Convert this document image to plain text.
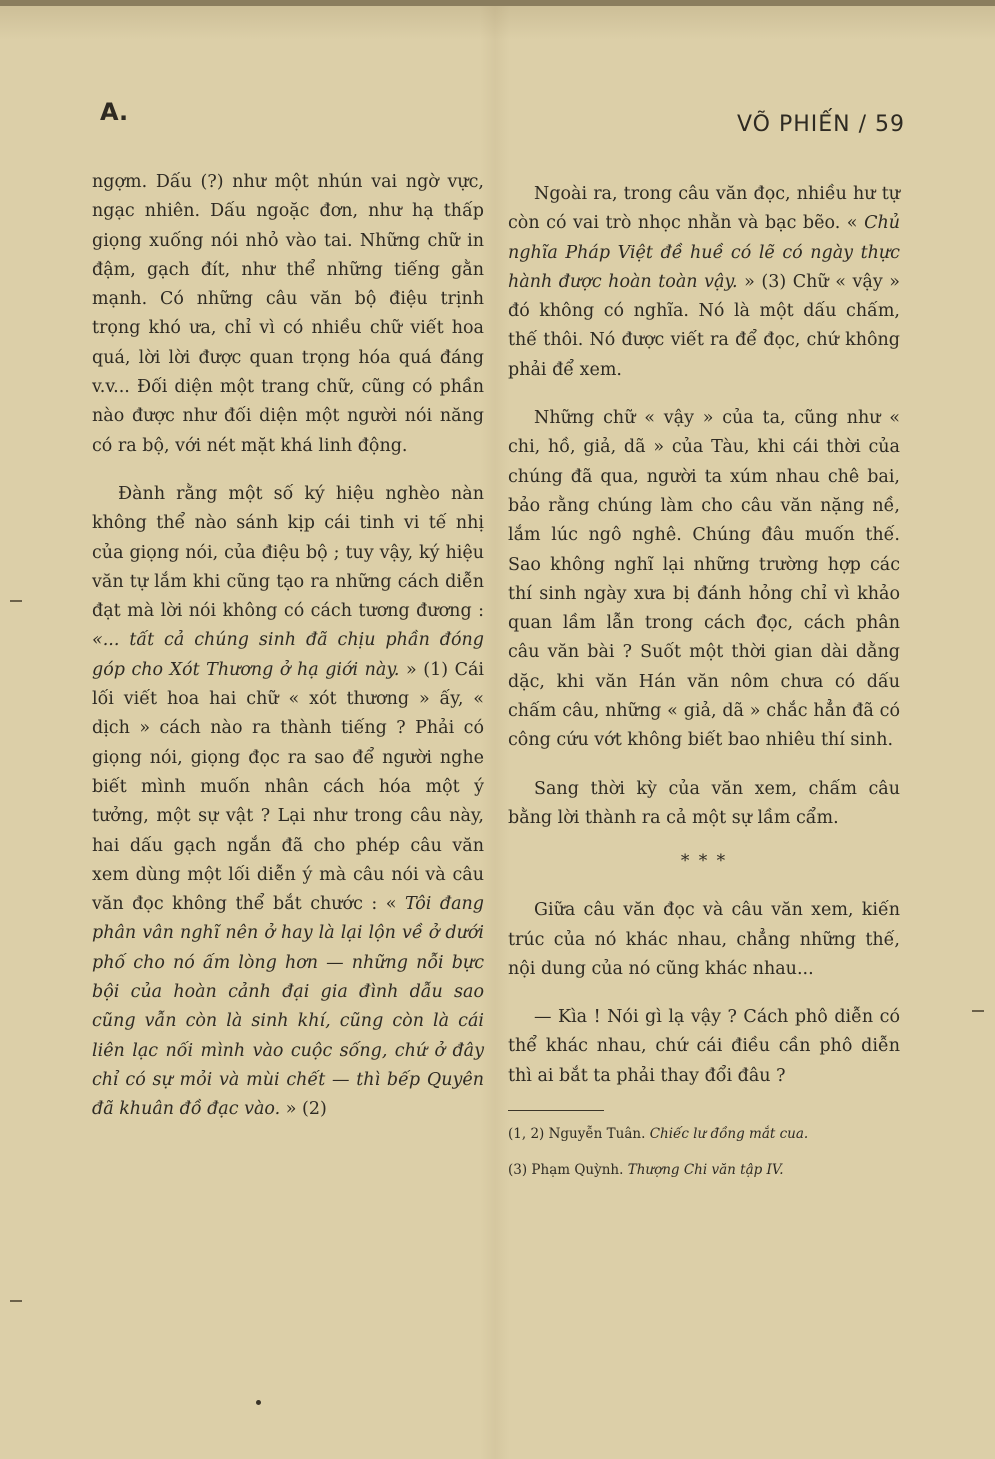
A.	VÕ PHIẾN / 59

ngợm. Dấu (?) như một nhún vai ngờ vực, ngạc nhiên. Dấu ngoặc đơn, như hạ thấp giọng xuống nói nhỏ vào tai. Những chữ in đậm, gạch đít, như thể những tiếng gằn mạnh. Có những câu văn bộ điệu trịnh trọng khó ưa, chỉ vì có nhiều chữ viết hoa quá, lời lời được quan trọng hóa quá đáng v.v... Đối diện một trang chữ, cũng có phần nào được như đối diện một người nói năng có ra bộ, với nét mặt khá linh động.

Đành rằng một số ký hiệu nghèo nàn không thể nào sánh kịp cái tinh vi tế nhị của giọng nói, của điệu bộ ; tuy vậy, ký hiệu văn tự lắm khi cũng tạo ra những cách diễn đạt mà lời nói không có cách tương đương : «... tất cả chúng sinh đã chịu phần đóng góp cho Xót Thương ở hạ giới này. » (1) Cái lối viết hoa hai chữ « xót thương » ấy, « dịch » cách nào ra thành tiếng ? Phải có giọng nói, giọng đọc ra sao để người nghe biết mình muốn nhân cách hóa một ý tưởng, một sự vật ? Lại như trong câu này, hai dấu gạch ngắn đã cho phép câu văn xem dùng một lối diễn ý mà câu nói và câu văn đọc không thể bắt chước : « Tôi đang phân vân nghĩ nên ở hay là lại lộn về ở dưới phố cho nó ấm lòng hơn — những nỗi bực bội của hoàn cảnh đại gia đình dẫu sao cũng vẫn còn là sinh khí, cũng còn là cái liên lạc nối mình vào cuộc sống, chứ ở đây chỉ có sự mỏi và mùi chết — thì bếp Quyên đã khuân đồ đạc vào. » (2)

Ngoài ra, trong câu văn đọc, nhiều hư tự còn có vai trò nhọc nhằn và bạc bẽo. « Chủ nghĩa Pháp Việt đề huề có lẽ có ngày thực hành được hoàn toàn vậy. » (3) Chữ « vậy » đó không có nghĩa. Nó là một dấu chấm, thế thôi. Nó được viết ra để đọc, chứ không phải để xem.

Những chữ « vậy » của ta, cũng như « chi, hồ, giả, dã » của Tàu, khi cái thời của chúng đã qua, người ta xúm nhau chê bai, bảo rằng chúng làm cho câu văn nặng nề, lắm lúc ngô nghê. Chúng đâu muốn thế. Sao không nghĩ lại những trường hợp các thí sinh ngày xưa bị đánh hỏng chỉ vì khảo quan lầm lẫn trong cách đọc, cách phân câu văn bài ? Suốt một thời gian dài dằng dặc, khi văn Hán văn nôm chưa có dấu chấm câu, những « giả, dã » chắc hẳn đã có công cứu vớt không biết bao nhiêu thí sinh.

Sang thời kỳ của văn xem, chấm câu bằng lời thành ra cả một sự lầm cẩm.

* * *

Giữa câu văn đọc và câu văn xem, kiến trúc của nó khác nhau, chẳng những thế, nội dung của nó cũng khác nhau...

— Kìa ! Nói gì lạ vậy ? Cách phô diễn có thể khác nhau, chứ cái điều cần phô diễn thì ai bắt ta phải thay đổi đâu ?

(1, 2) Nguyễn Tuân. Chiếc lư đồng mắt cua.
(3) Phạm Quỳnh. Thượng Chi văn tập IV.
